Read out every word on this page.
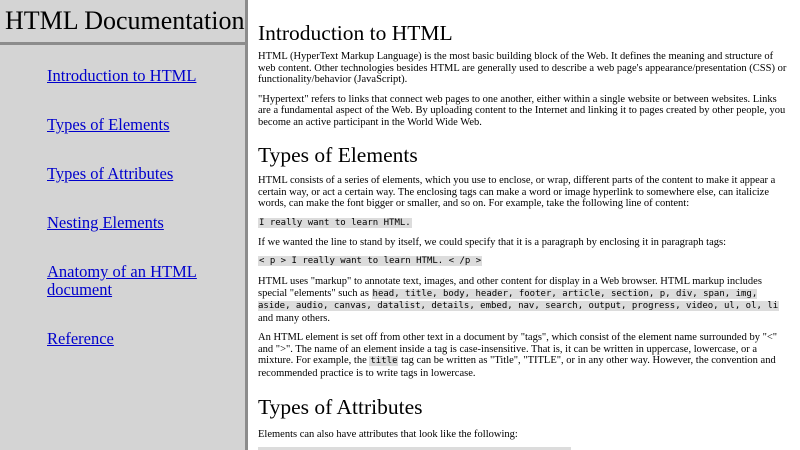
HTML Documentation
Introduction to HTML
Types of Elements
Types of Attributes
Nesting Elements
Anatomy of an HTML document
Reference
Introduction to HTML

HTML (HyperText Markup Language) is the most basic building block of the Web. It defines the meaning and structure of web content. Other technologies besides HTML are generally used to describe a web page's appearance/presentation (CSS) or functionality/behavior (JavaScript).

"Hypertext" refers to links that connect web pages to one another, either within a single website or between websites. Links are a fundamental aspect of the Web. By uploading content to the Internet and linking it to pages created by other people, you become an active participant in the World Wide Web.

Types of Elements

HTML consists of a series of elements, which you use to enclose, or wrap, different parts of the content to make it appear a certain way, or act a certain way. The enclosing tags can make a word or image hyperlink to somewhere else, can italicize words, can make the font bigger or smaller, and so on. For example, take the following line of content:

I really want to learn HTML.

If we wanted the line to stand by itself, we could specify that it is a paragraph by enclosing it in paragraph tags:

< p > I really want to learn HTML. < /p >

HTML uses "markup" to annotate text, images, and other content for display in a Web browser. HTML markup includes special "elements" such as head, title, body, header, footer, article, section, p, div, span, img, aside, audio, canvas, datalist, details, embed, nav, search, output, progress, video, ul, ol, li and many others.

An HTML element is set off from other text in a document by "tags", which consist of the element name surrounded by "<" and ">". The name of an element inside a tag is case-insensitive. That is, it can be written in uppercase, lowercase, or a mixture. For example, the title tag can be written as "Title", "TITLE", or in any other way. However, the convention and recommended practice is to write tags in lowercase.

Types of Attributes

Elements can also have attributes that look like the following:
